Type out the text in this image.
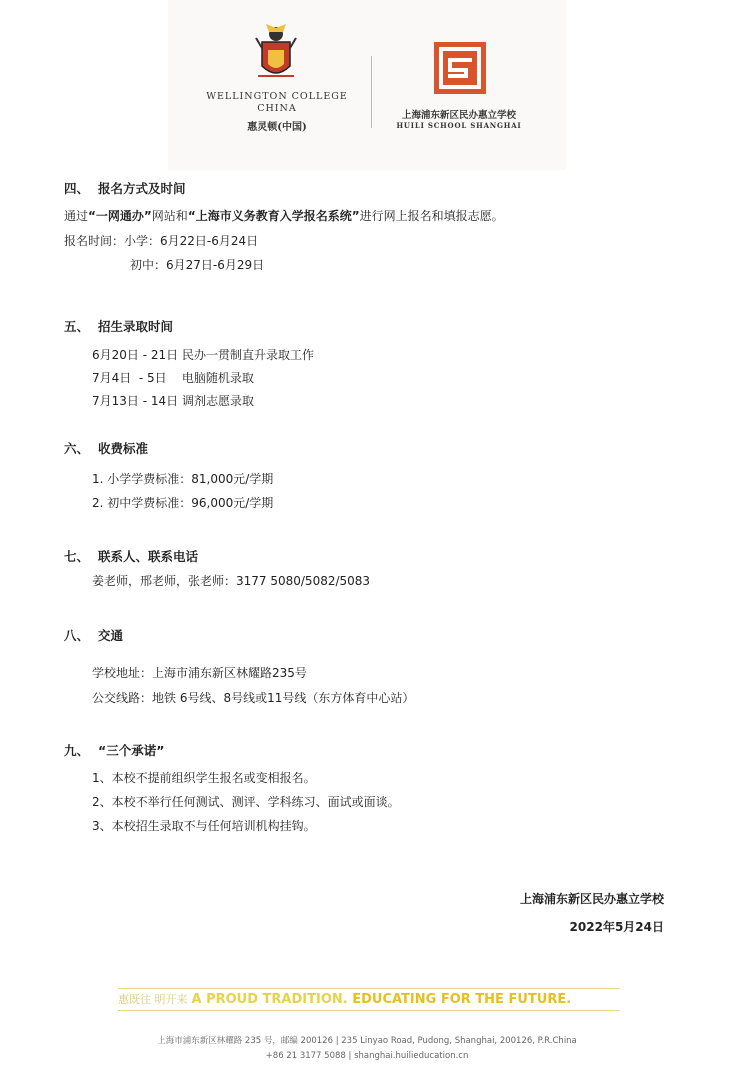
WELLINGTON COLLEGE
CHINA
惠灵顿(中国)
上海浦东新区民办惠立学校
HUILI SCHOOL SHANGHAI
四、 报名方式及时间
通过“一网通办”网站和“上海市义务教育入学报名系统”进行网上报名和填报志愿。
报名时间：小学：6月22日-6月24日
初中：6月27日-6月29日
五、 招生录取时间
6月20日 - 21日 民办一贯制直升录取工作
7月4日  - 5日    电脑随机录取
7月13日 - 14日 调剂志愿录取
六、 收费标准
1. 小学学费标准：81,000元/学期
2. 初中学费标准：96,000元/学期
七、 联系人、联系电话
姜老师，邢老师，张老师：3177 5080/5082/5083
八、 交通
学校地址：上海市浦东新区林耀路235号
公交线路：地铁 6号线、8号线或11号线（东方体育中心站）
九、 “三个承诺”
1、本校不提前组织学生报名或变相报名。
2、本校不举行任何测试、测评、学科练习、面试或面谈。
3、本校招生录取不与任何培训机构挂钩。
上海浦东新区民办惠立学校
2022年5月24日
惠既往 明开来 A PROUD TRADITION. EDUCATING FOR THE FUTURE.
上海市浦东新区林耀路 235 号，邮编 200126 | 235 Linyao Road, Pudong, Shanghai, 200126, P.R.China
+86 21 3177 5088 | shanghai.huilieducation.cn
